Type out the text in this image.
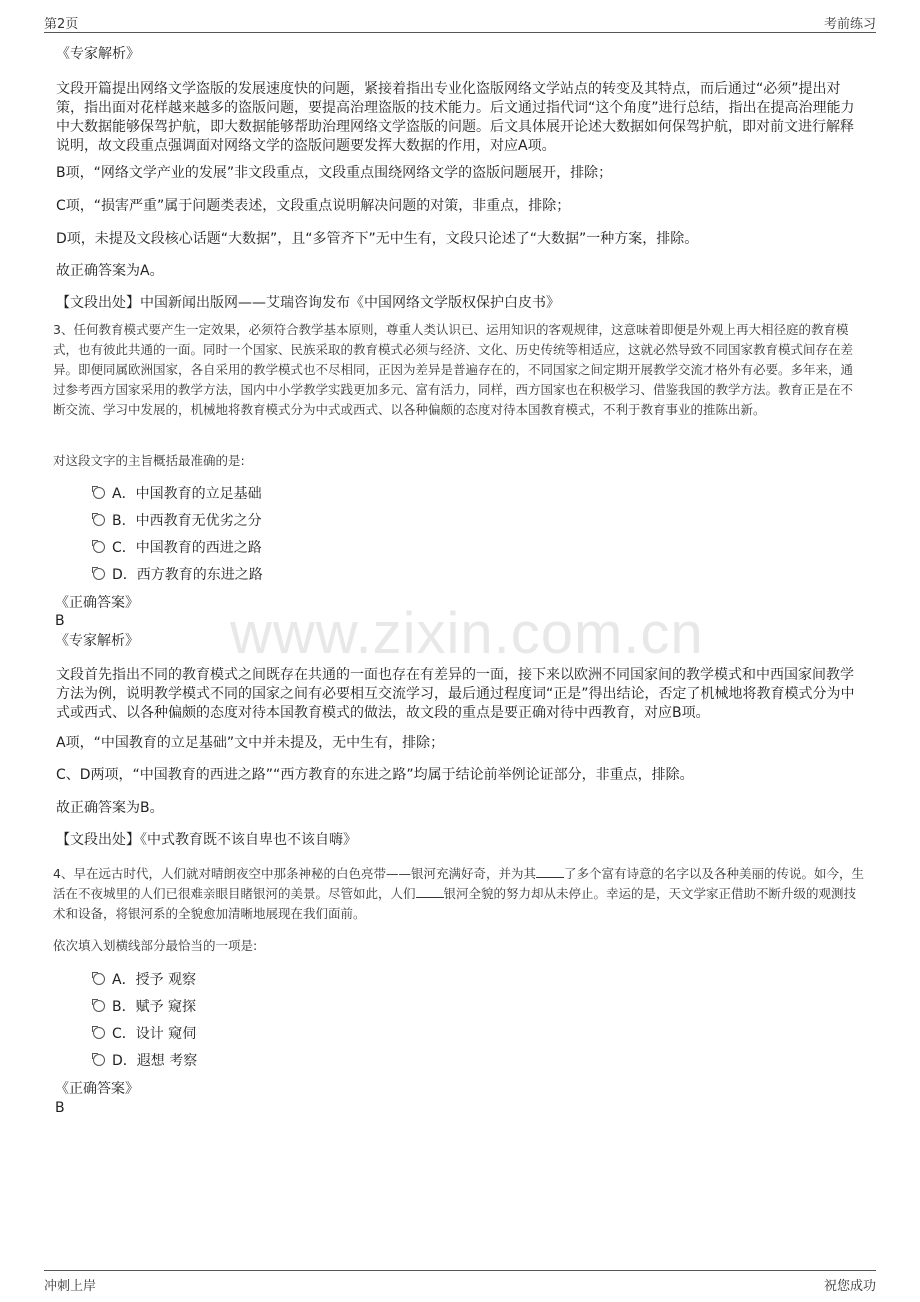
第2页	考前练习
www.zixin.com.cn

《专家解析》

文段开篇提出网络文学盗版的发展速度快的问题，紧接着指出专业化盗版网络文学站点的转变及其特点，而后通过“必须”提出对策，指出面对花样越来越多的盗版问题，要提高治理盗版的技术能力。后文通过指代词“这个角度”进行总结，指出在提高治理能力中大数据能够保驾护航，即大数据能够帮助治理网络文学盗版的问题。后文具体展开论述大数据如何保驾护航，即对前文进行解释说明，故文段重点强调面对网络文学的盗版问题要发挥大数据的作用，对应A项。

B项，“网络文学产业的发展”非文段重点，文段重点围绕网络文学的盗版问题展开，排除；

C项，“损害严重”属于问题类表述，文段重点说明解决问题的对策，非重点，排除；

D项，未提及文段核心话题“大数据”，且“多管齐下”无中生有，文段只论述了“大数据”一种方案，排除。

故正确答案为A。

【文段出处】中国新闻出版网——艾瑞咨询发布《中国网络文学版权保护白皮书》

3、任何教育模式要产生一定效果，必须符合教学基本原则，尊重人类认识已、运用知识的客观规律，这意味着即便是外观上再大相径庭的教育模式，也有彼此共通的一面。同时一个国家、民族采取的教育模式必须与经济、文化、历史传统等相适应，这就必然导致不同国家教育模式间存在差异。即便同属欧洲国家，各自采用的教学模式也不尽相同，正因为差异是普遍存在的，不同国家之间定期开展教学交流才格外有必要。多年来，通过参考西方国家采用的教学方法，国内中小学教学实践更加多元、富有活力，同样，西方国家也在积极学习、借鉴我国的教学方法。教育正是在不断交流、学习中发展的，机械地将教育模式分为中式或西式、以各种偏颇的态度对待本国教育模式，不利于教育事业的推陈出新。

对这段文字的主旨概括最准确的是:

A．中国教育的立足基础
B．中西教育无优劣之分
C．中国教育的西进之路
D．西方教育的东进之路

《正确答案》

B

《专家解析》

文段首先指出不同的教育模式之间既存在共通的一面也存在有差异的一面，接下来以欧洲不同国家间的教学模式和中西国家间教学方法为例，说明教学模式不同的国家之间有必要相互交流学习，最后通过程度词“正是”得出结论，否定了机械地将教育模式分为中式或西式、以各种偏颇的态度对待本国教育模式的做法，故文段的重点是要正确对待中西教育，对应B项。

A项，“中国教育的立足基础”文中并未提及，无中生有，排除；

C、D两项，“中国教育的西进之路”“西方教育的东进之路”均属于结论前举例论证部分，非重点，排除。

故正确答案为B。

【文段出处】《中式教育既不该自卑也不该自嗨》

4、早在远古时代，人们就对晴朗夜空中那条神秘的白色亮带——银河充满好奇，并为其 了多个富有诗意的名字以及各种美丽的传说。如今，生活在不夜城里的人们已很难亲眼目睹银河的美景。尽管如此，人们 银河全貌的努力却从未停止。幸运的是，天文学家正借助不断升级的观测技术和设备，将银河系的全貌愈加清晰地展现在我们面前。

依次填入划横线部分最恰当的一项是:

A．授予 观察
B．赋予 窥探
C．设计 窥伺
D．遐想 考察

《正确答案》

B

冲刺上岸	祝您成功
